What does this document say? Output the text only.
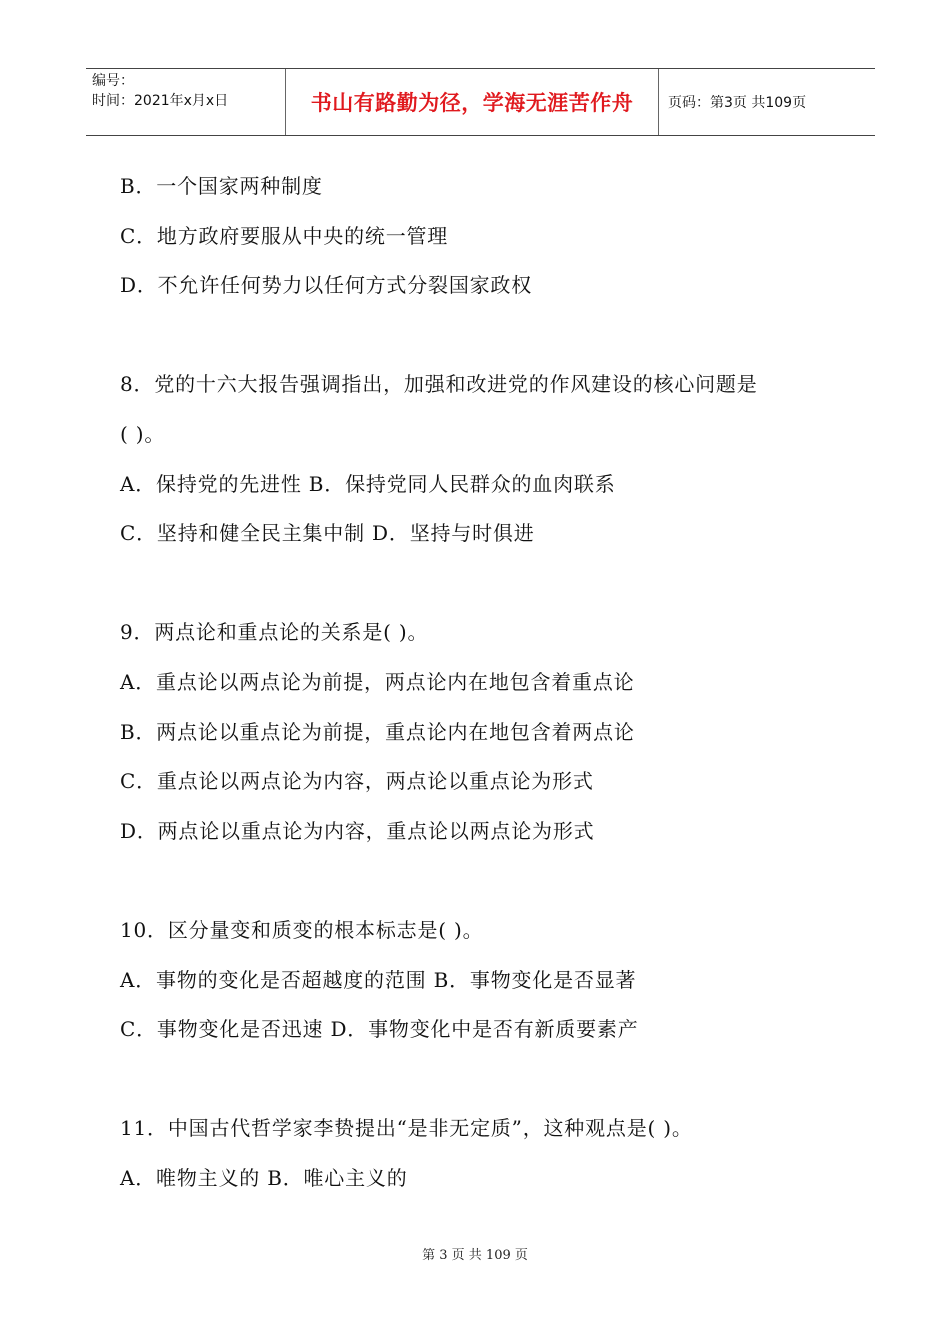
编号：
时间：2021年x月x日	书山有路勤为径，学海无涯苦作舟	页码：第3页 共109页
B．一个国家两种制度
C．地方政府要服从中央的统一管理
D．不允许任何势力以任何方式分裂国家政权
8．党的十六大报告强调指出，加强和改进党的作风建设的核心问题是
( )。
A．保持党的先进性 B．保持党同人民群众的血肉联系
C．坚持和健全民主集中制 D．坚持与时俱进
9．两点论和重点论的关系是( )。
A．重点论以两点论为前提，两点论内在地包含着重点论
B．两点论以重点论为前提，重点论内在地包含着两点论
C．重点论以两点论为内容，两点论以重点论为形式
D．两点论以重点论为内容，重点论以两点论为形式
10．区分量变和质变的根本标志是( )。
A．事物的变化是否超越度的范围 B．事物变化是否显著
C．事物变化是否迅速 D．事物变化中是否有新质要素产
11．中国古代哲学家李贽提出“是非无定质”，这种观点是( )。
A．唯物主义的 B．唯心主义的
第 3 页 共 109 页
